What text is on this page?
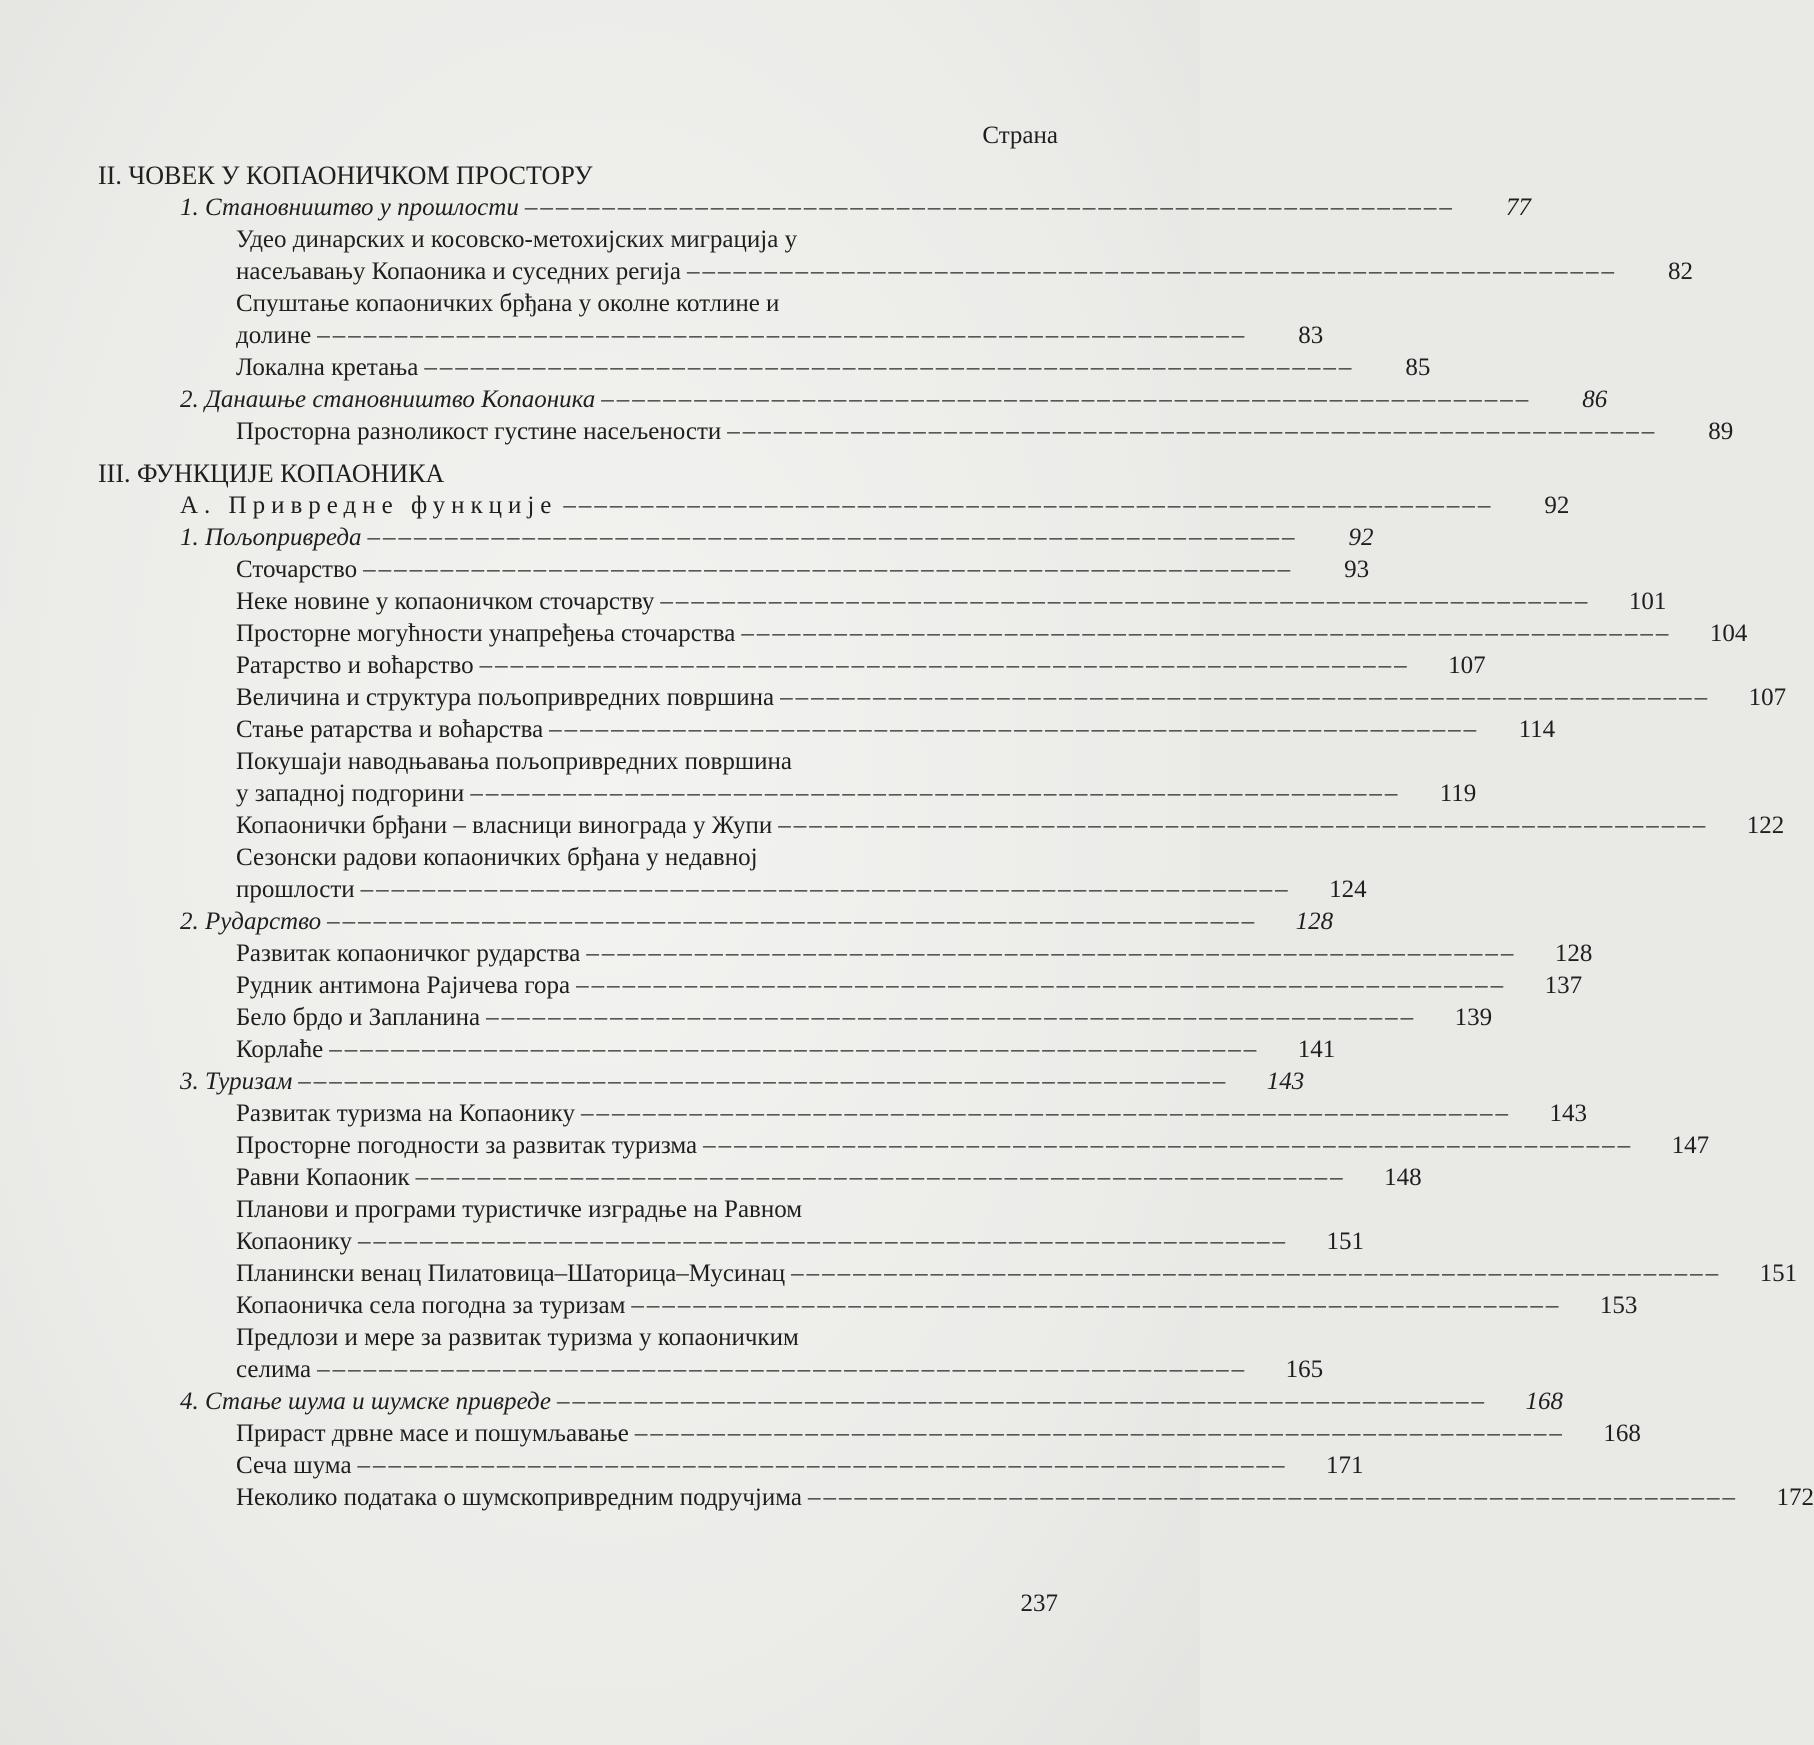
Страна
II. ЧОВЕК У КОПАОНИЧКОМ ПРОСТОРУ
1. Становништво у прошлости –––––	77
Удео динарских и косовско-метохијских миграција у
насељавању Копаоника и суседних регија –––––	82
Спуштање копаоничких брђана у околне котлине и
долине –––––	83
Локална кретања –––––	85
2. Данашње становништво Копаоника –––––	86
Просторна разноликост густине насељености –––––	89
III. ФУНКЦИЈЕ КОПАОНИКА
А. Привредне функције –––––	92
1. Пољопривреда –––––	92
Сточарство –––––	93
Неке новине у копаоничком сточарству –––––	101
Просторне могућности унапређења сточарства –––––	104
Ратарство и воћарство –––––	107
Величина и структура пољопривредних површина –––––	107
Стање ратарства и воћарства –––––	114
Покушаји наводњавања пољопривредних површина
у западној подгорини –––––	119
Копаонички брђани – власници винограда у Жупи –––––	122
Сезонски радови копаоничких брђана у недавној
прошлости –––––	124
2. Рударство –––––	128
Развитак копаоничког рударства –––––	128
Рудник антимона Рајичева гора –––––	137
Бело брдо и Запланина –––––	139
Корлаће –––––	141
3. Туризам –––––	143
Развитак туризма на Копаонику –––––	143
Просторне погодности за развитак туризма –––––	147
Равни Копаоник –––––	148
Планови и програми туристичке изградње на Равном
Копаонику –––––	151
Планински венац Пилатовица–Шаторица–Мусинац –––––	151
Копаоничка села погодна за туризам –––––	153
Предлози и мере за развитак туризма у копаоничким
селима –––––	165
4. Стање шума и шумске привреде –––––	168
Прираст дрвне масе и пошумљавање –––––	168
Сеча шума –––––	171
Неколико података о шумскопривредним подручјима –––––	172
237
